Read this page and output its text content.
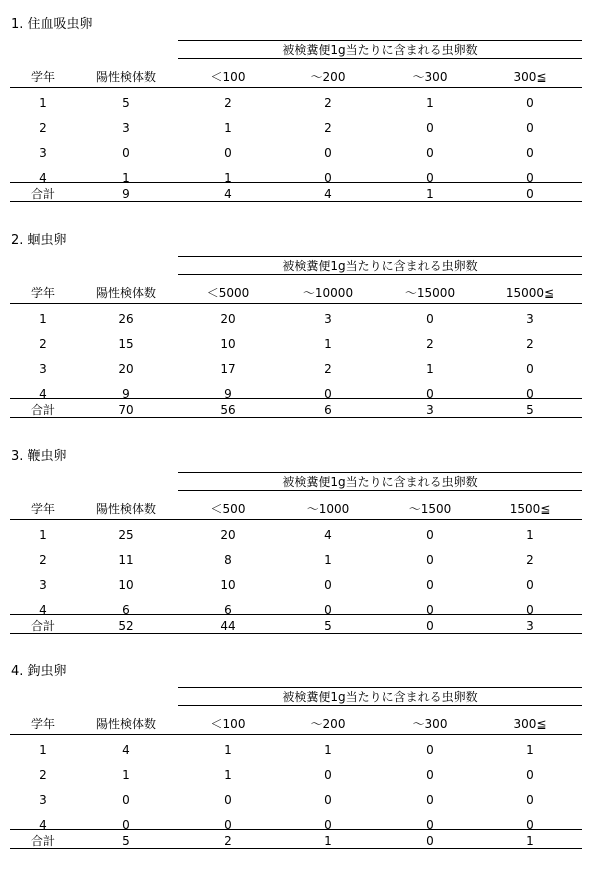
1. 住血吸虫卵
被検糞便1g当たりに含まれる虫卵数
学年	陽性検体数	＜100	～200	～300	300≦
1	5	2	2	1	0
2	3	1	2	0	0
3	0	0	0	0	0
4	1	1	0	0	0
合計	9	4	4	1	0
2. 蛔虫卵
被検糞便1g当たりに含まれる虫卵数
学年	陽性検体数	＜5000	～10000	～15000	15000≦
1	26	20	3	0	3
2	15	10	1	2	2
3	20	17	2	1	0
4	9	9	0	0	0
合計	70	56	6	3	5
3. 鞭虫卵
被検糞便1g当たりに含まれる虫卵数
学年	陽性検体数	＜500	～1000	～1500	1500≦
1	25	20	4	0	1
2	11	8	1	0	2
3	10	10	0	0	0
4	6	6	0	0	0
合計	52	44	5	0	3
4. 鉤虫卵
被検糞便1g当たりに含まれる虫卵数
学年	陽性検体数	＜100	～200	～300	300≦
1	4	1	1	0	1
2	1	1	0	0	0
3	0	0	0	0	0
4	0	0	0	0	0
合計	5	2	1	0	1
